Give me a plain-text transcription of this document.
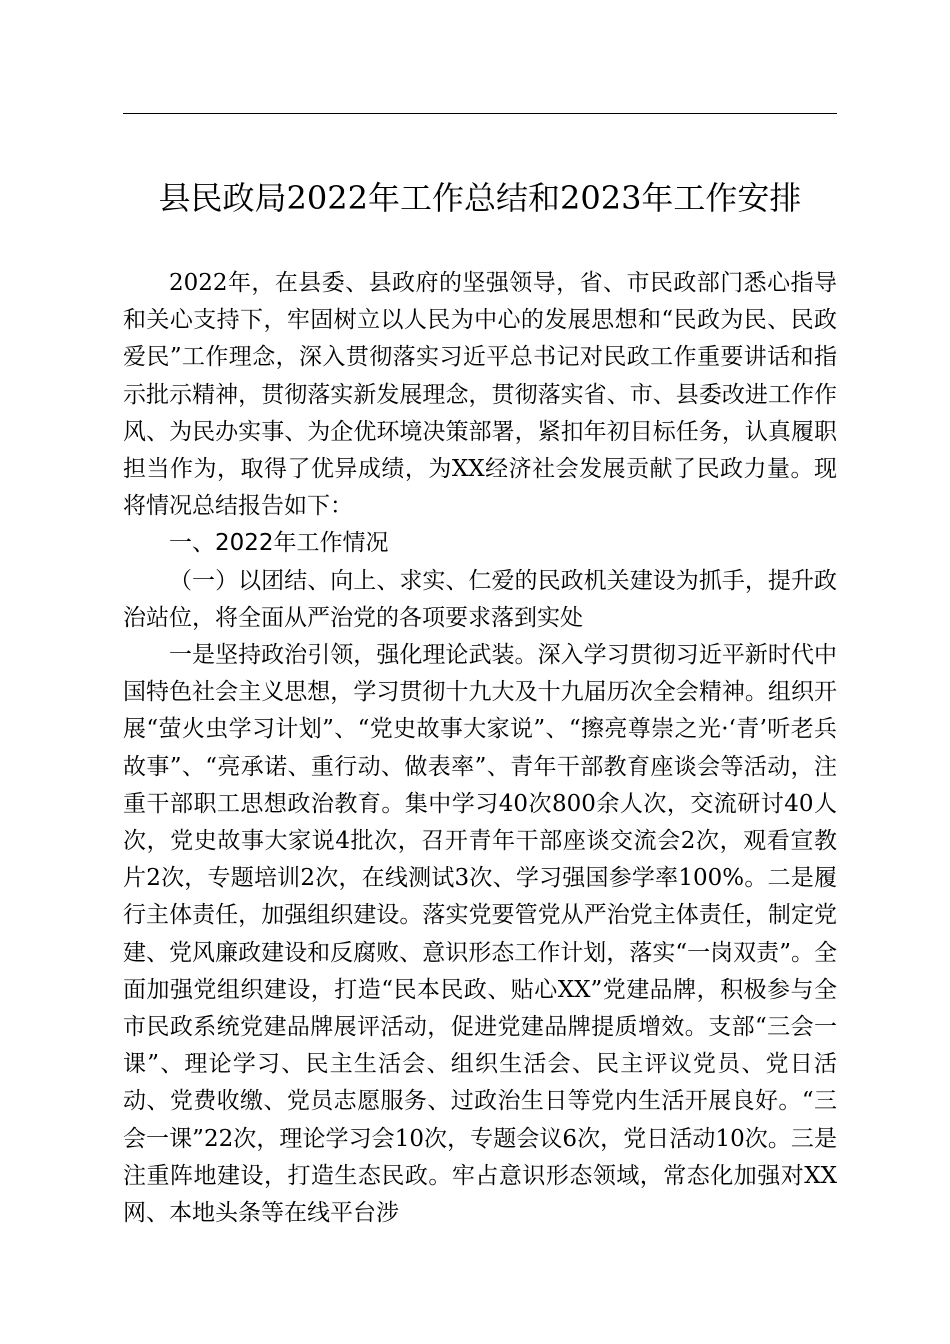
县民政局2022年工作总结和2023年工作安排

2022年，在县委、县政府的坚强领导，省、市民政部门悉心指导和关心支持下，牢固树立以人民为中心的发展思想和“民政为民、民政爱民”工作理念，深入贯彻落实习近平总书记对民政工作重要讲话和指示批示精神，贯彻落实新发展理念，贯彻落实省、市、县委改进工作作风、为民办实事、为企优环境决策部署，紧扣年初目标任务，认真履职担当作为，取得了优异成绩，为XX经济社会发展贡献了民政力量。现将情况总结报告如下：

一、2022年工作情况

（一）以团结、向上、求实、仁爱的民政机关建设为抓手，提升政治站位，将全面从严治党的各项要求落到实处

一是坚持政治引领，强化理论武装。深入学习贯彻习近平新时代中国特色社会主义思想，学习贯彻十九大及十九届历次全会精神。组织开展“萤火虫学习计划”、“党史故事大家说”、“擦亮尊崇之光·‘青’听老兵故事”、“亮承诺、重行动、做表率”、青年干部教育座谈会等活动，注重干部职工思想政治教育。集中学习40次800余人次，交流研讨40人次，党史故事大家说4批次，召开青年干部座谈交流会2次，观看宣教片2次，专题培训2次，在线测试3次、学习强国参学率100%。二是履行主体责任，加强组织建设。落实党要管党从严治党主体责任，制定党建、党风廉政建设和反腐败、意识形态工作计划，落实“一岗双责”。全面加强党组织建设，打造“民本民政、贴心XX”党建品牌，积极参与全市民政系统党建品牌展评活动，促进党建品牌提质增效。支部“三会一课”、理论学习、民主生活会、组织生活会、民主评议党员、党日活动、党费收缴、党员志愿服务、过政治生日等党内生活开展良好。“三会一课”22次，理论学习会10次，专题会议6次，党日活动10次。三是注重阵地建设，打造生态民政。牢占意识形态领域，常态化加强对XX网、本地头条等在线平台涉
